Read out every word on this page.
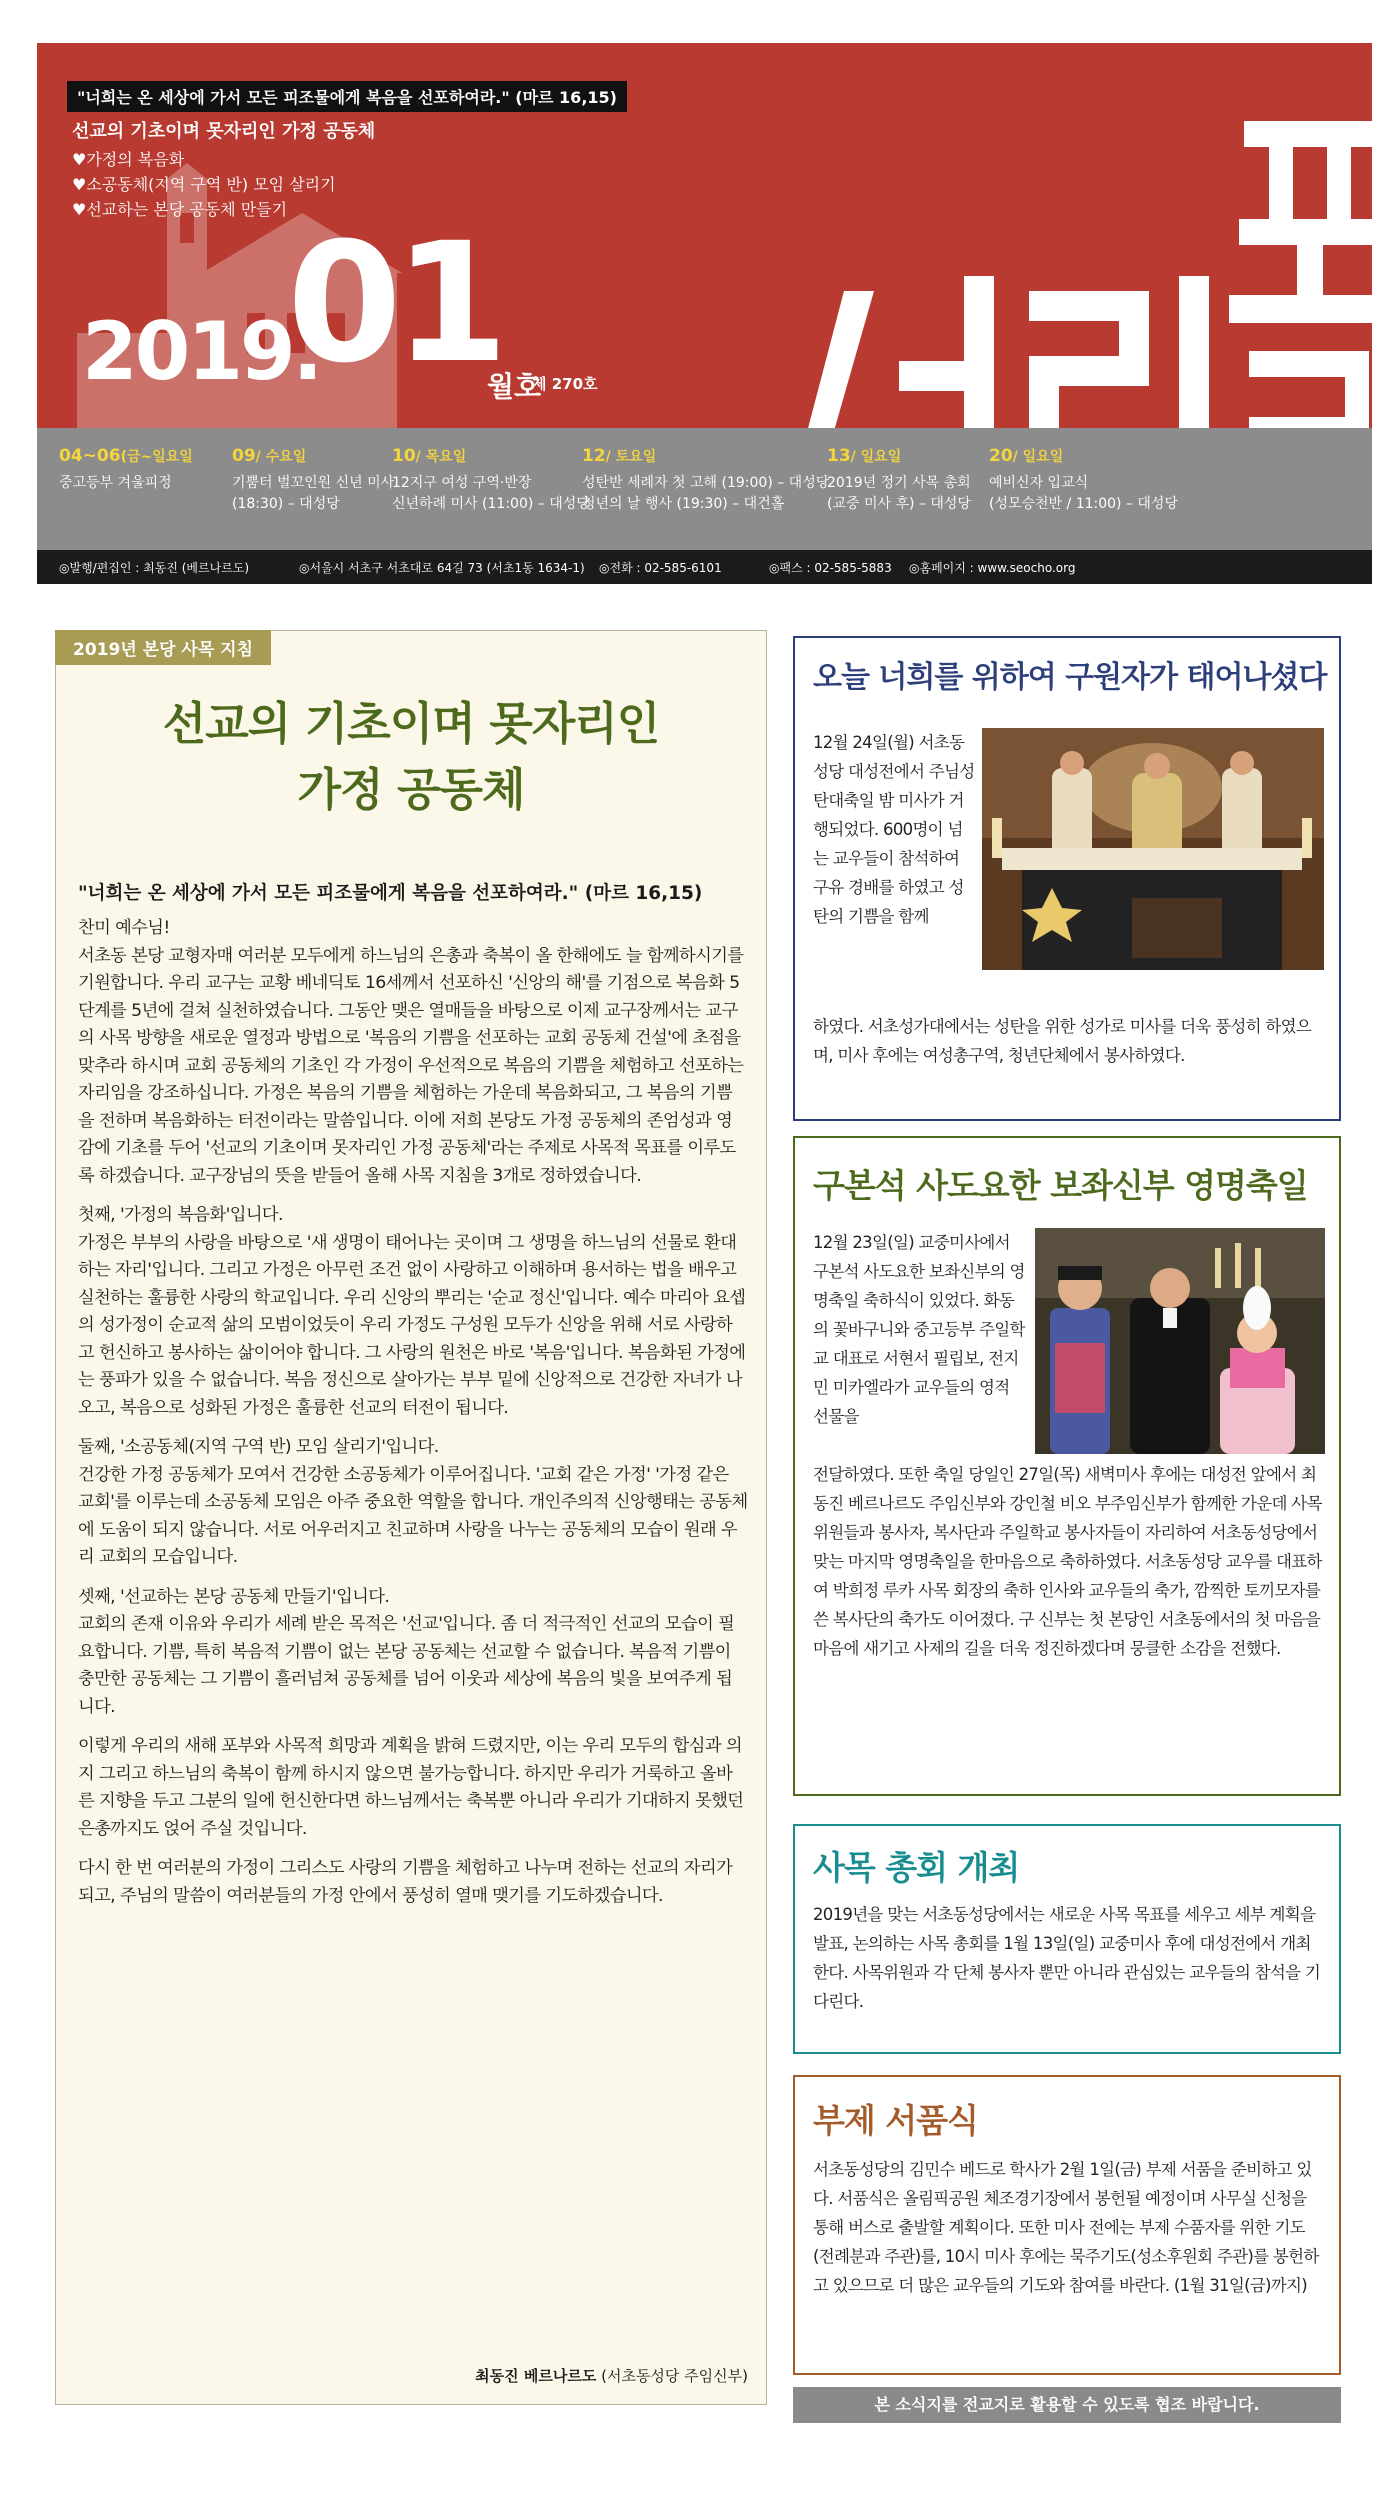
"너희는 온 세상에 가서 모든 피조물에게 복음을 선포하여라." (마르 16,15)
선교의 기초이며 못자리인 가정 공동체
♥가정의 복음화
♥소공동체(지역 구역 반) 모임 살리기
♥선교하는 본당 공동체 만들기
2019.
01
월호
제 270호
04~06(금~일요일
중고등부 겨울피정
09/ 수요일
기뿜터 벌꼬인원 신년 미사
(18:30) – 대성당
10/ 목요일
12지구 여성 구역·반장
신년하례 미사 (11:00) – 대성당
12/ 토요일
성탄반 세례자 첫 고해 (19:00) – 대성당
청년의 날 행사 (19:30) – 대건홀
13/ 일요일
2019년 정기 사목 총회
(교중 미사 후) – 대성당
20/ 일요일
예비신자 입교식
(성모승천반 / 11:00) – 대성당
◎발행/편집인 : 최동진 (베르나르도)	◎서울시 서초구 서초대로 64길 73 (서초1동 1634-1) ◎전화 : 02-585-6101	◎팩스 : 02-585-5883 ◎홈페이지 : www.seocho.org
2019년 본당 사목 지침
선교의 기초이며 못자리인
가정 공동체
"너희는 온 세상에 가서 모든 피조물에게 복음을 선포하여라." (마르 16,15)

찬미 예수님!
서초동 본당 교형자매 여러분 모두에게 하느님의 은총과 축복이 올 한해에도 늘 함께하시기를 기원합니다. 우리 교구는 교황 베네딕토 16세께서 선포하신 '신앙의 해'를 기점으로 복음화 5단계를 5년에 걸쳐 실천하였습니다. 그동안 맺은 열매들을 바탕으로 이제 교구장께서는 교구의 사목 방향을 새로운 열정과 방법으로 '복음의 기쁨을 선포하는 교회 공동체 건설'에 초점을 맞추라 하시며 교회 공동체의 기초인 각 가정이 우선적으로 복음의 기쁨을 체험하고 선포하는 자리임을 강조하십니다. 가정은 복음의 기쁨을 체험하는 가운데 복음화되고, 그 복음의 기쁨을 전하며 복음화하는 터전이라는 말씀입니다. 이에 저희 본당도 가정 공동체의 존엄성과 영감에 기초를 두어 '선교의 기초이며 못자리인 가정 공동체'라는 주제로 사목적 목표를 이루도록 하겠습니다. 교구장님의 뜻을 받들어 올해 사목 지침을 3개로 정하였습니다.

첫째, '가정의 복음화'입니다.
가정은 부부의 사랑을 바탕으로 '새 생명이 태어나는 곳이며 그 생명을 하느님의 선물로 환대하는 자리'입니다. 그리고 가정은 아무런 조건 없이 사랑하고 이해하며 용서하는 법을 배우고 실천하는 훌륭한 사랑의 학교입니다. 우리 신앙의 뿌리는 '순교 정신'입니다. 예수 마리아 요셉의 성가정이 순교적 삶의 모범이었듯이 우리 가정도 구성원 모두가 신앙을 위해 서로 사랑하고 헌신하고 봉사하는 삶이어야 합니다. 그 사랑의 원천은 바로 '복음'입니다. 복음화된 가정에는 풍파가 있을 수 없습니다. 복음 정신으로 살아가는 부부 밑에 신앙적으로 건강한 자녀가 나오고, 복음으로 성화된 가정은 훌륭한 선교의 터전이 됩니다.

둘째, '소공동체(지역 구역 반) 모임 살리기'입니다.
건강한 가정 공동체가 모여서 건강한 소공동체가 이루어집니다. '교회 같은 가정' '가정 같은 교회'를 이루는데 소공동체 모임은 아주 중요한 역할을 합니다. 개인주의적 신앙행태는 공동체에 도움이 되지 않습니다. 서로 어우러지고 친교하며 사랑을 나누는 공동체의 모습이 원래 우리 교회의 모습입니다.

셋째, '선교하는 본당 공동체 만들기'입니다.
교회의 존재 이유와 우리가 세례 받은 목적은 '선교'입니다. 좀 더 적극적인 선교의 모습이 필요합니다. 기쁨, 특히 복음적 기쁨이 없는 본당 공동체는 선교할 수 없습니다. 복음적 기쁨이 충만한 공동체는 그 기쁨이 흘러넘쳐 공동체를 넘어 이웃과 세상에 복음의 빛을 보여주게 됩니다.

이렇게 우리의 새해 포부와 사목적 희망과 계획을 밝혀 드렸지만, 이는 우리 모두의 합심과 의지 그리고 하느님의 축복이 함께 하시지 않으면 불가능합니다. 하지만 우리가 거룩하고 올바른 지향을 두고 그분의 일에 헌신한다면 하느님께서는 축복뿐 아니라 우리가 기대하지 못했던 은총까지도 얹어 주실 것입니다.

다시 한 번 여러분의 가정이 그리스도 사랑의 기쁨을 체험하고 나누며 전하는 선교의 자리가 되고, 주님의 말씀이 여러분들의 가정 안에서 풍성히 열매 맺기를 기도하겠습니다.

최동진 베르나르도 (서초동성당 주임신부)
오늘 너희를 위하여 구원자가 태어나셨다
12월 24일(월) 서초동성당 대성전에서 주님성탄대축일 밤 미사가 거행되었다. 600명이 넘는 교우들이 참석하여 구유 경배를 하였고 성탄의 기쁨을 함께
하였다. 서초성가대에서는 성탄을 위한 성가로 미사를 더욱 풍성히 하였으며, 미사 후에는 여성총구역, 청년단체에서 봉사하였다.
구본석 사도요한 보좌신부 영명축일
12월 23일(일) 교중미사에서 구본석 사도요한 보좌신부의 영명축일 축하식이 있었다. 화동의 꽃바구니와 중고등부 주일학교 대표로 서현서 필립보, 전지민 미카엘라가 교우들의 영적 선물을
전달하였다. 또한 축일 당일인 27일(목) 새벽미사 후에는 대성전 앞에서 최동진 베르나르도 주임신부와 강인철 비오 부주임신부가 함께한 가운데 사목위원들과 봉사자, 복사단과 주일학교 봉사자들이 자리하여 서초동성당에서 맞는 마지막 영명축일을 한마음으로 축하하였다. 서초동성당 교우를 대표하여 박희정 루카 사목 회장의 축하 인사와 교우들의 축가, 깜찍한 토끼모자를 쓴 복사단의 축가도 이어졌다. 구 신부는 첫 본당인 서초동에서의 첫 마음을 마음에 새기고 사제의 길을 더욱 정진하겠다며 뭉클한 소감을 전했다.
사목 총회 개최
2019년을 맞는 서초동성당에서는 새로운 사목 목표를 세우고 세부 계획을 발표, 논의하는 사목 총회를 1월 13일(일) 교중미사 후에 대성전에서 개최한다. 사목위원과 각 단체 봉사자 뿐만 아니라 관심있는 교우들의 참석을 기다린다.
부제 서품식
서초동성당의 김민수 베드로 학사가 2월 1일(금) 부제 서품을 준비하고 있다. 서품식은 올림픽공원 체조경기장에서 봉헌될 예정이며 사무실 신청을 통해 버스로 출발할 계획이다. 또한 미사 전에는 부제 수품자를 위한 기도(전례분과 주관)를, 10시 미사 후에는 묵주기도(성소후원회 주관)를 봉헌하고 있으므로 더 많은 교우들의 기도와 참여를 바란다. (1월 31일(금)까지)
본 소식지를 전교지로 활용할 수 있도록 협조 바랍니다.
